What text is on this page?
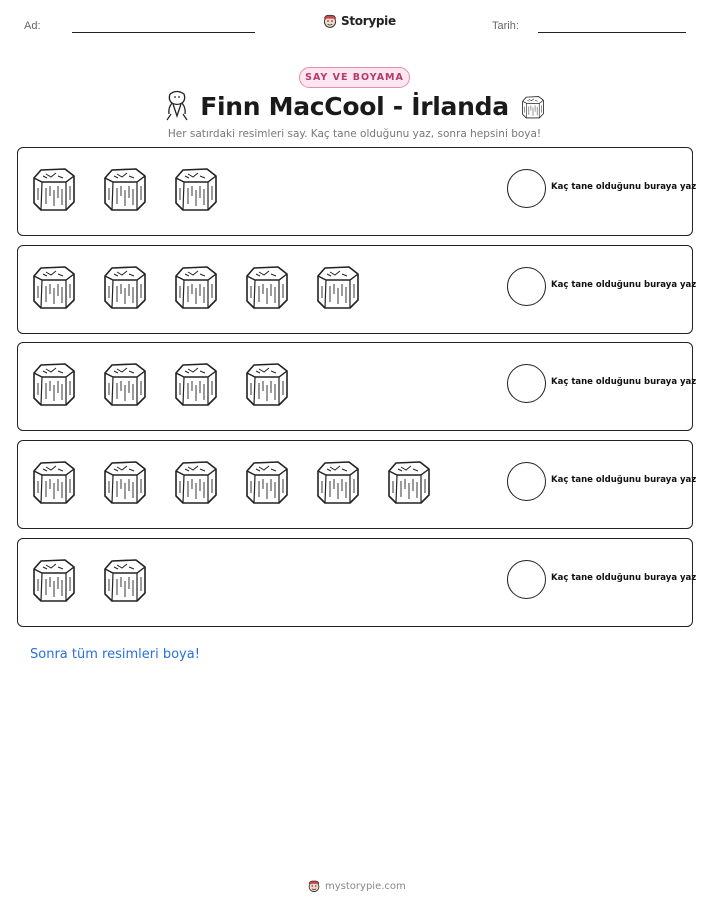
Ad:	Storypie	Tarih:
SAY VE BOYAMA
Finn MacCool - İrlanda
Her satırdaki resimleri say. Kaç tane olduğunu yaz, sonra hepsini boya!
Kaç tane olduğunu buraya yaz
Kaç tane olduğunu buraya yaz
Kaç tane olduğunu buraya yaz
Kaç tane olduğunu buraya yaz
Kaç tane olduğunu buraya yaz
Sonra tüm resimleri boya!
mystorypie.com
